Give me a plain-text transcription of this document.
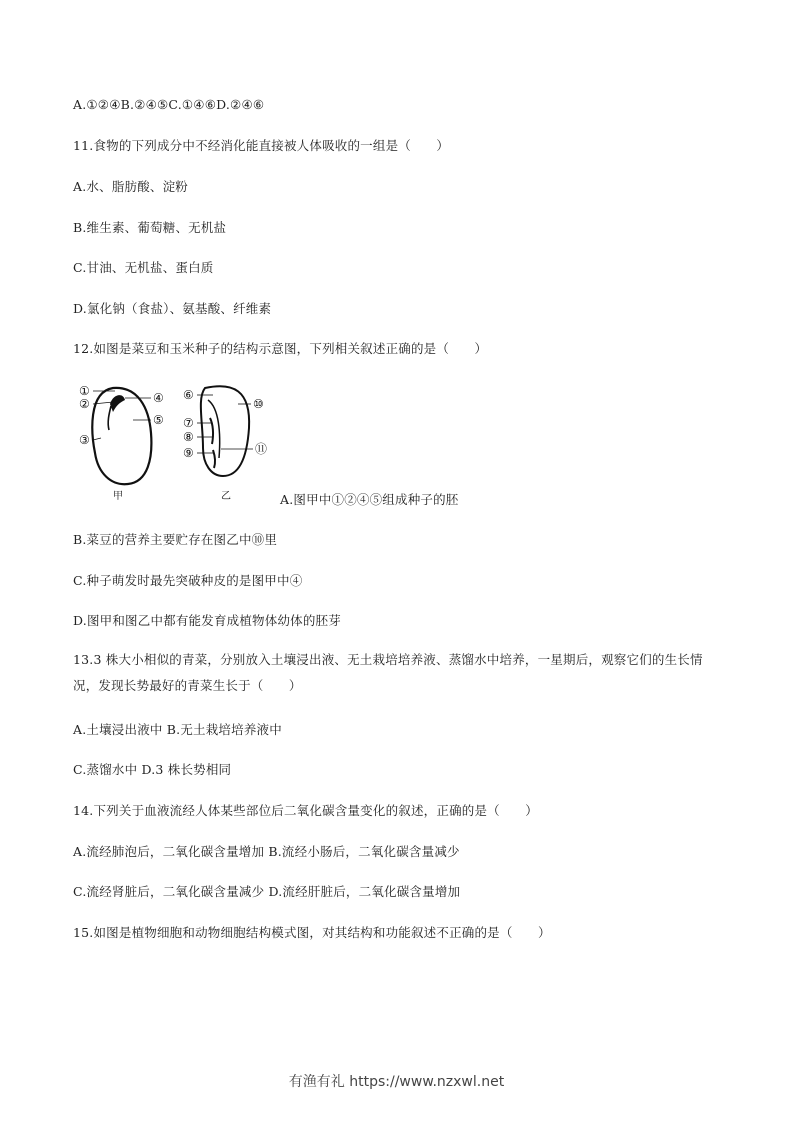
A.①②④B.②④⑤C.①④⑥D.②④⑥
11.食物的下列成分中不经消化能直接被人体吸收的一组是（　　）
A.水、脂肪酸、淀粉
B.维生素、葡萄糖、无机盐
C.甘油、无机盐、蛋白质
D.氯化钠（食盐）、氨基酸、纤维素
12.如图是菜豆和玉米种子的结构示意图，下列相关叙述正确的是（　　）
①
②
③
④
⑤
⑥
⑦
⑧
⑨
⑩
⑪
甲	乙	A.图甲中①②④⑤组成种子的胚
B.菜豆的营养主要贮存在图乙中⑩里
C.种子萌发时最先突破种皮的是图甲中④
D.图甲和图乙中都有能发育成植物体幼体的胚芽
13.3 株大小相似的青菜，分别放入土壤浸出液、无土栽培培养液、蒸馏水中培养，一星期后，观察它们的生长情况，发现长势最好的青菜生长于（　　）
A.土壤浸出液中 B.无土栽培培养液中
C.蒸馏水中 D.3 株长势相同
14.下列关于血液流经人体某些部位后二氧化碳含量变化的叙述，正确的是（　　）
A.流经肺泡后，二氧化碳含量增加 B.流经小肠后，二氧化碳含量减少
C.流经肾脏后，二氧化碳含量减少 D.流经肝脏后，二氧化碳含量增加
15.如图是植物细胞和动物细胞结构模式图，对其结构和功能叙述不正确的是（　　）
有渔有礼 https://www.nzxwl.net
